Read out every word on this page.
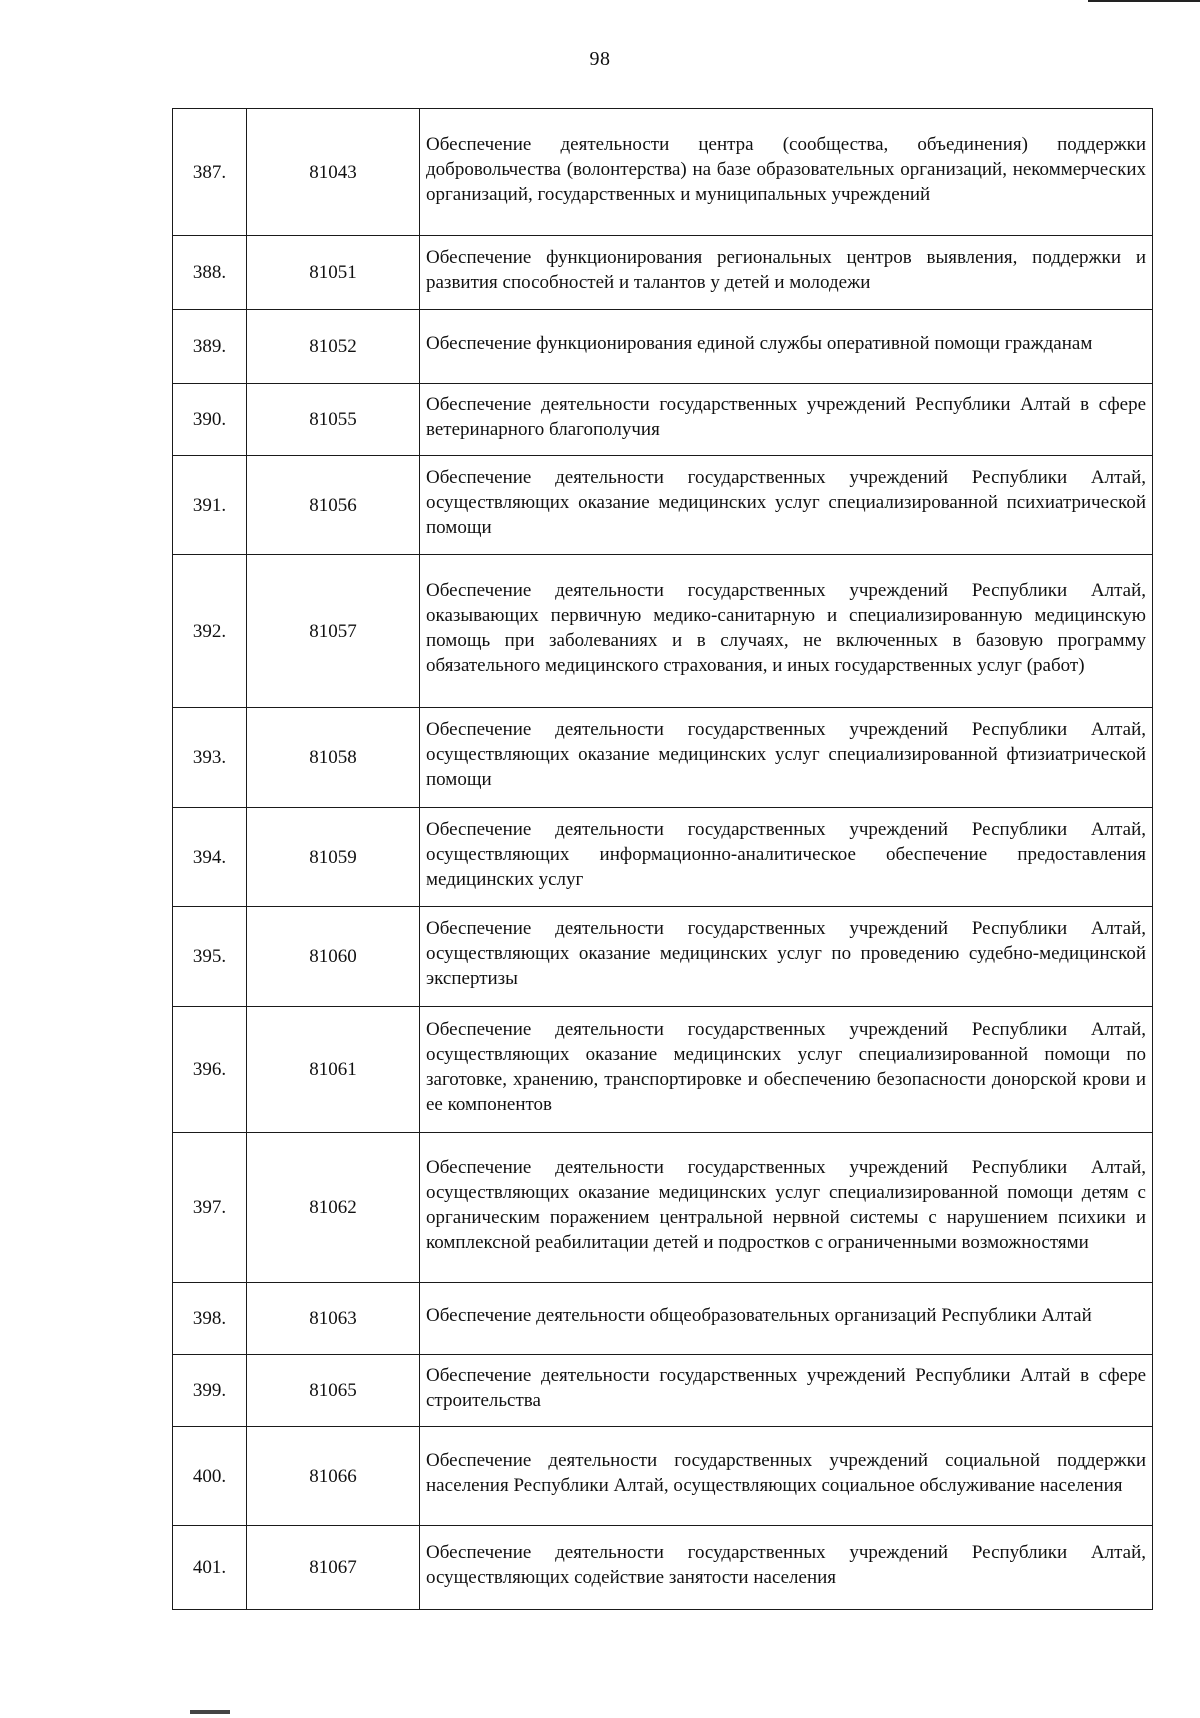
98
387.	81043	Обеспечение деятельности центра (сообщества, объединения) поддержки добровольчества (волонтерства) на базе образовательных организаций, некоммерческих организаций, государственных и муниципальных учреждений
388.	81051	Обеспечение функционирования региональных центров выявления, поддержки и развития способностей и талантов у детей и молодежи
389.	81052	Обеспечение функционирования единой службы оперативной помощи гражданам
390.	81055	Обеспечение деятельности государственных учреждений Республики Алтай в сфере ветеринарного благополучия
391.	81056	Обеспечение деятельности государственных учреждений Республики Алтай, осуществляющих оказание медицинских услуг специализированной психиатрической помощи
392.	81057	Обеспечение деятельности государственных учреждений Республики Алтай, оказывающих первичную медико-санитарную и специализированную медицинскую помощь при заболеваниях и в случаях, не включенных в базовую программу обязательного медицинского страхования, и иных государственных услуг (работ)
393.	81058	Обеспечение деятельности государственных учреждений Республики Алтай, осуществляющих оказание медицинских услуг специализированной фтизиатрической помощи
394.	81059	Обеспечение деятельности государственных учреждений Республики Алтай, осуществляющих информационно-аналитическое обеспечение предоставления медицинских услуг
395.	81060	Обеспечение деятельности государственных учреждений Республики Алтай, осуществляющих оказание медицинских услуг по проведению судебно-медицинской экспертизы
396.	81061	Обеспечение деятельности государственных учреждений Республики Алтай, осуществляющих оказание медицинских услуг специализированной помощи по заготовке, хранению, транспортировке и обеспечению безопасности донорской крови и ее компонентов
397.	81062	Обеспечение деятельности государственных учреждений Республики Алтай, осуществляющих оказание медицинских услуг специализированной помощи детям с органическим поражением центральной нервной системы с нарушением психики и комплексной реабилитации детей и подростков с ограниченными возможностями
398.	81063	Обеспечение деятельности общеобразовательных организаций Республики Алтай
399.	81065	Обеспечение деятельности государственных учреждений Республики Алтай в сфере строительства
400.	81066	Обеспечение деятельности государственных учреждений социальной поддержки населения Республики Алтай, осуществляющих социальное обслуживание населения
401.	81067	Обеспечение деятельности государственных учреждений Республики Алтай, осуществляющих содействие занятости населения
